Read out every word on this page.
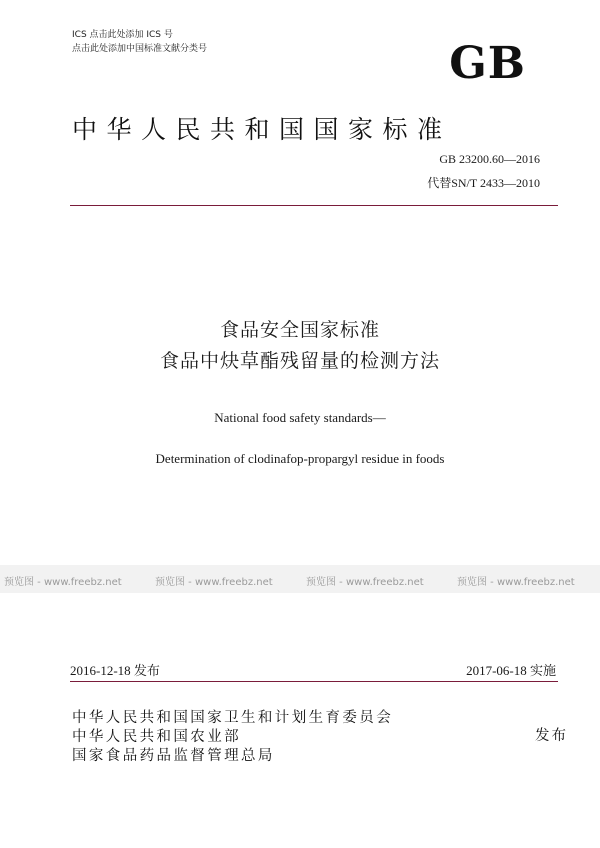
ICS 点击此处添加 ICS 号
点击此处添加中国标准文献分类号	GB
中华人民共和国国家标准
GB 23200.60—2016
代替SN/T 2433—2010
食品安全国家标准
食品中炔草酯残留量的检测方法
National food safety standards—
Determination of clodinafop-propargyl residue in foods
预览图 - www.freebz.net	预览图 - www.freebz.net	预览图 - www.freebz.net	预览图 - www.freebz.net
2016-12-18 发布	2017-06-18 实施
中华人民共和国国家卫生和计划生育委员会
中华人民共和国农业部
国家食品药品监督管理总局
发布
